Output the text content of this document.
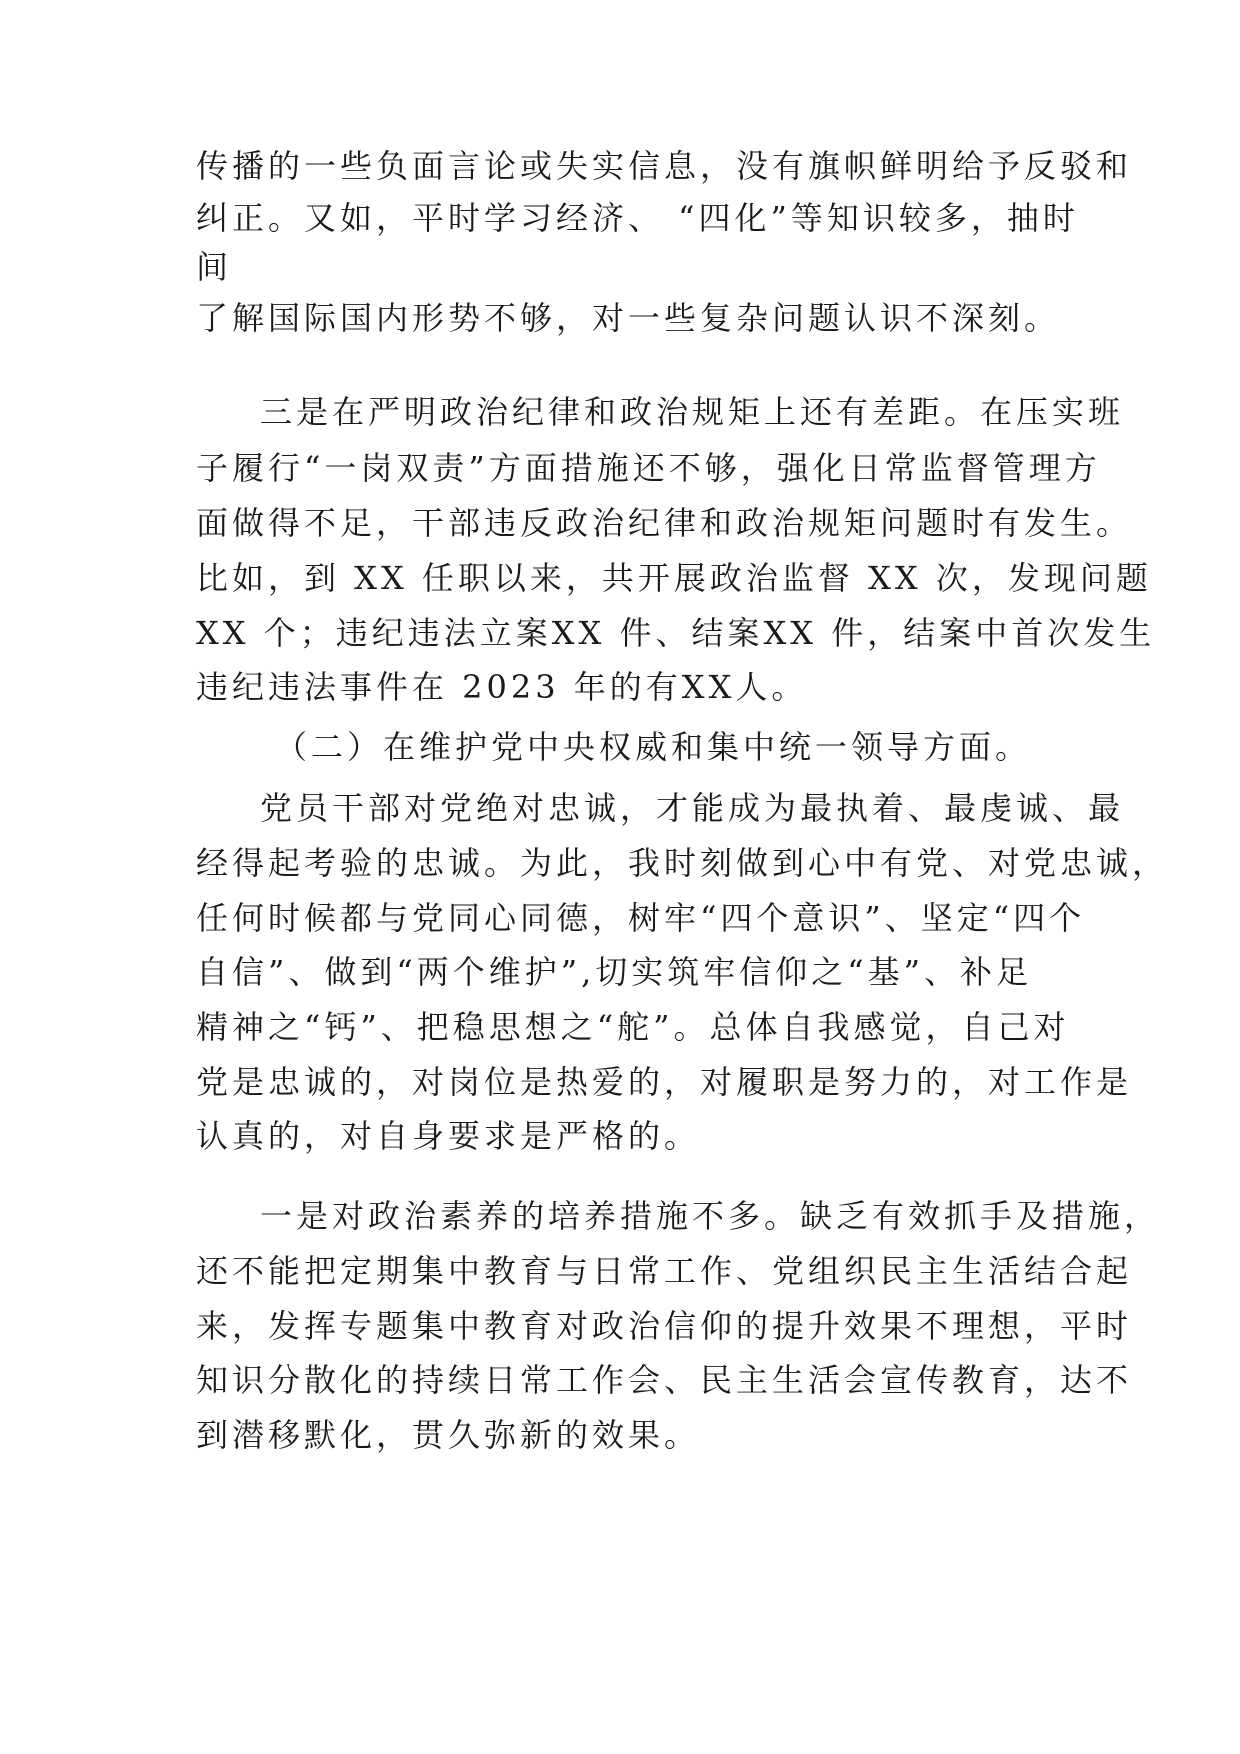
传播的一些负面言论或失实信息，没有旗帜鲜明给予反驳和

纠正。又如，平时学习经济、 “四化”等知识较多，抽时

间

了解国际国内形势不够，对一些复杂问题认识不深刻。

三是在严明政治纪律和政治规矩上还有差距。在压实班

子履行“一岗双责”方面措施还不够，强化日常监督管理方

面做得不足，干部违反政治纪律和政治规矩问题时有发生。

比如，到 XX 任职以来，共开展政治监督 XX 次，发现问题

XX 个；违纪违法立案XX 件、结案XX 件，结案中首次发生

违纪违法事件在 2023 年的有XX人。

（二）在维护党中央权威和集中统一领导方面。

党员干部对党绝对忠诚，才能成为最执着、最虔诚、最

经得起考验的忠诚。为此，我时刻做到心中有党、对党忠诚，

任何时候都与党同心同德，树牢“四个意识”、坚定“四个

自信”、做到“两个维护”,切实筑牢信仰之“基”、补足

精神之“钙”、把稳思想之“舵”。总体自我感觉，自己对

党是忠诚的，对岗位是热爱的，对履职是努力的，对工作是

认真的，对自身要求是严格的。

一是对政治素养的培养措施不多。缺乏有效抓手及措施，

还不能把定期集中教育与日常工作、党组织民主生活结合起

来，发挥专题集中教育对政治信仰的提升效果不理想，平时

知识分散化的持续日常工作会、民主生活会宣传教育，达不

到潜移默化，贯久弥新的效果。
